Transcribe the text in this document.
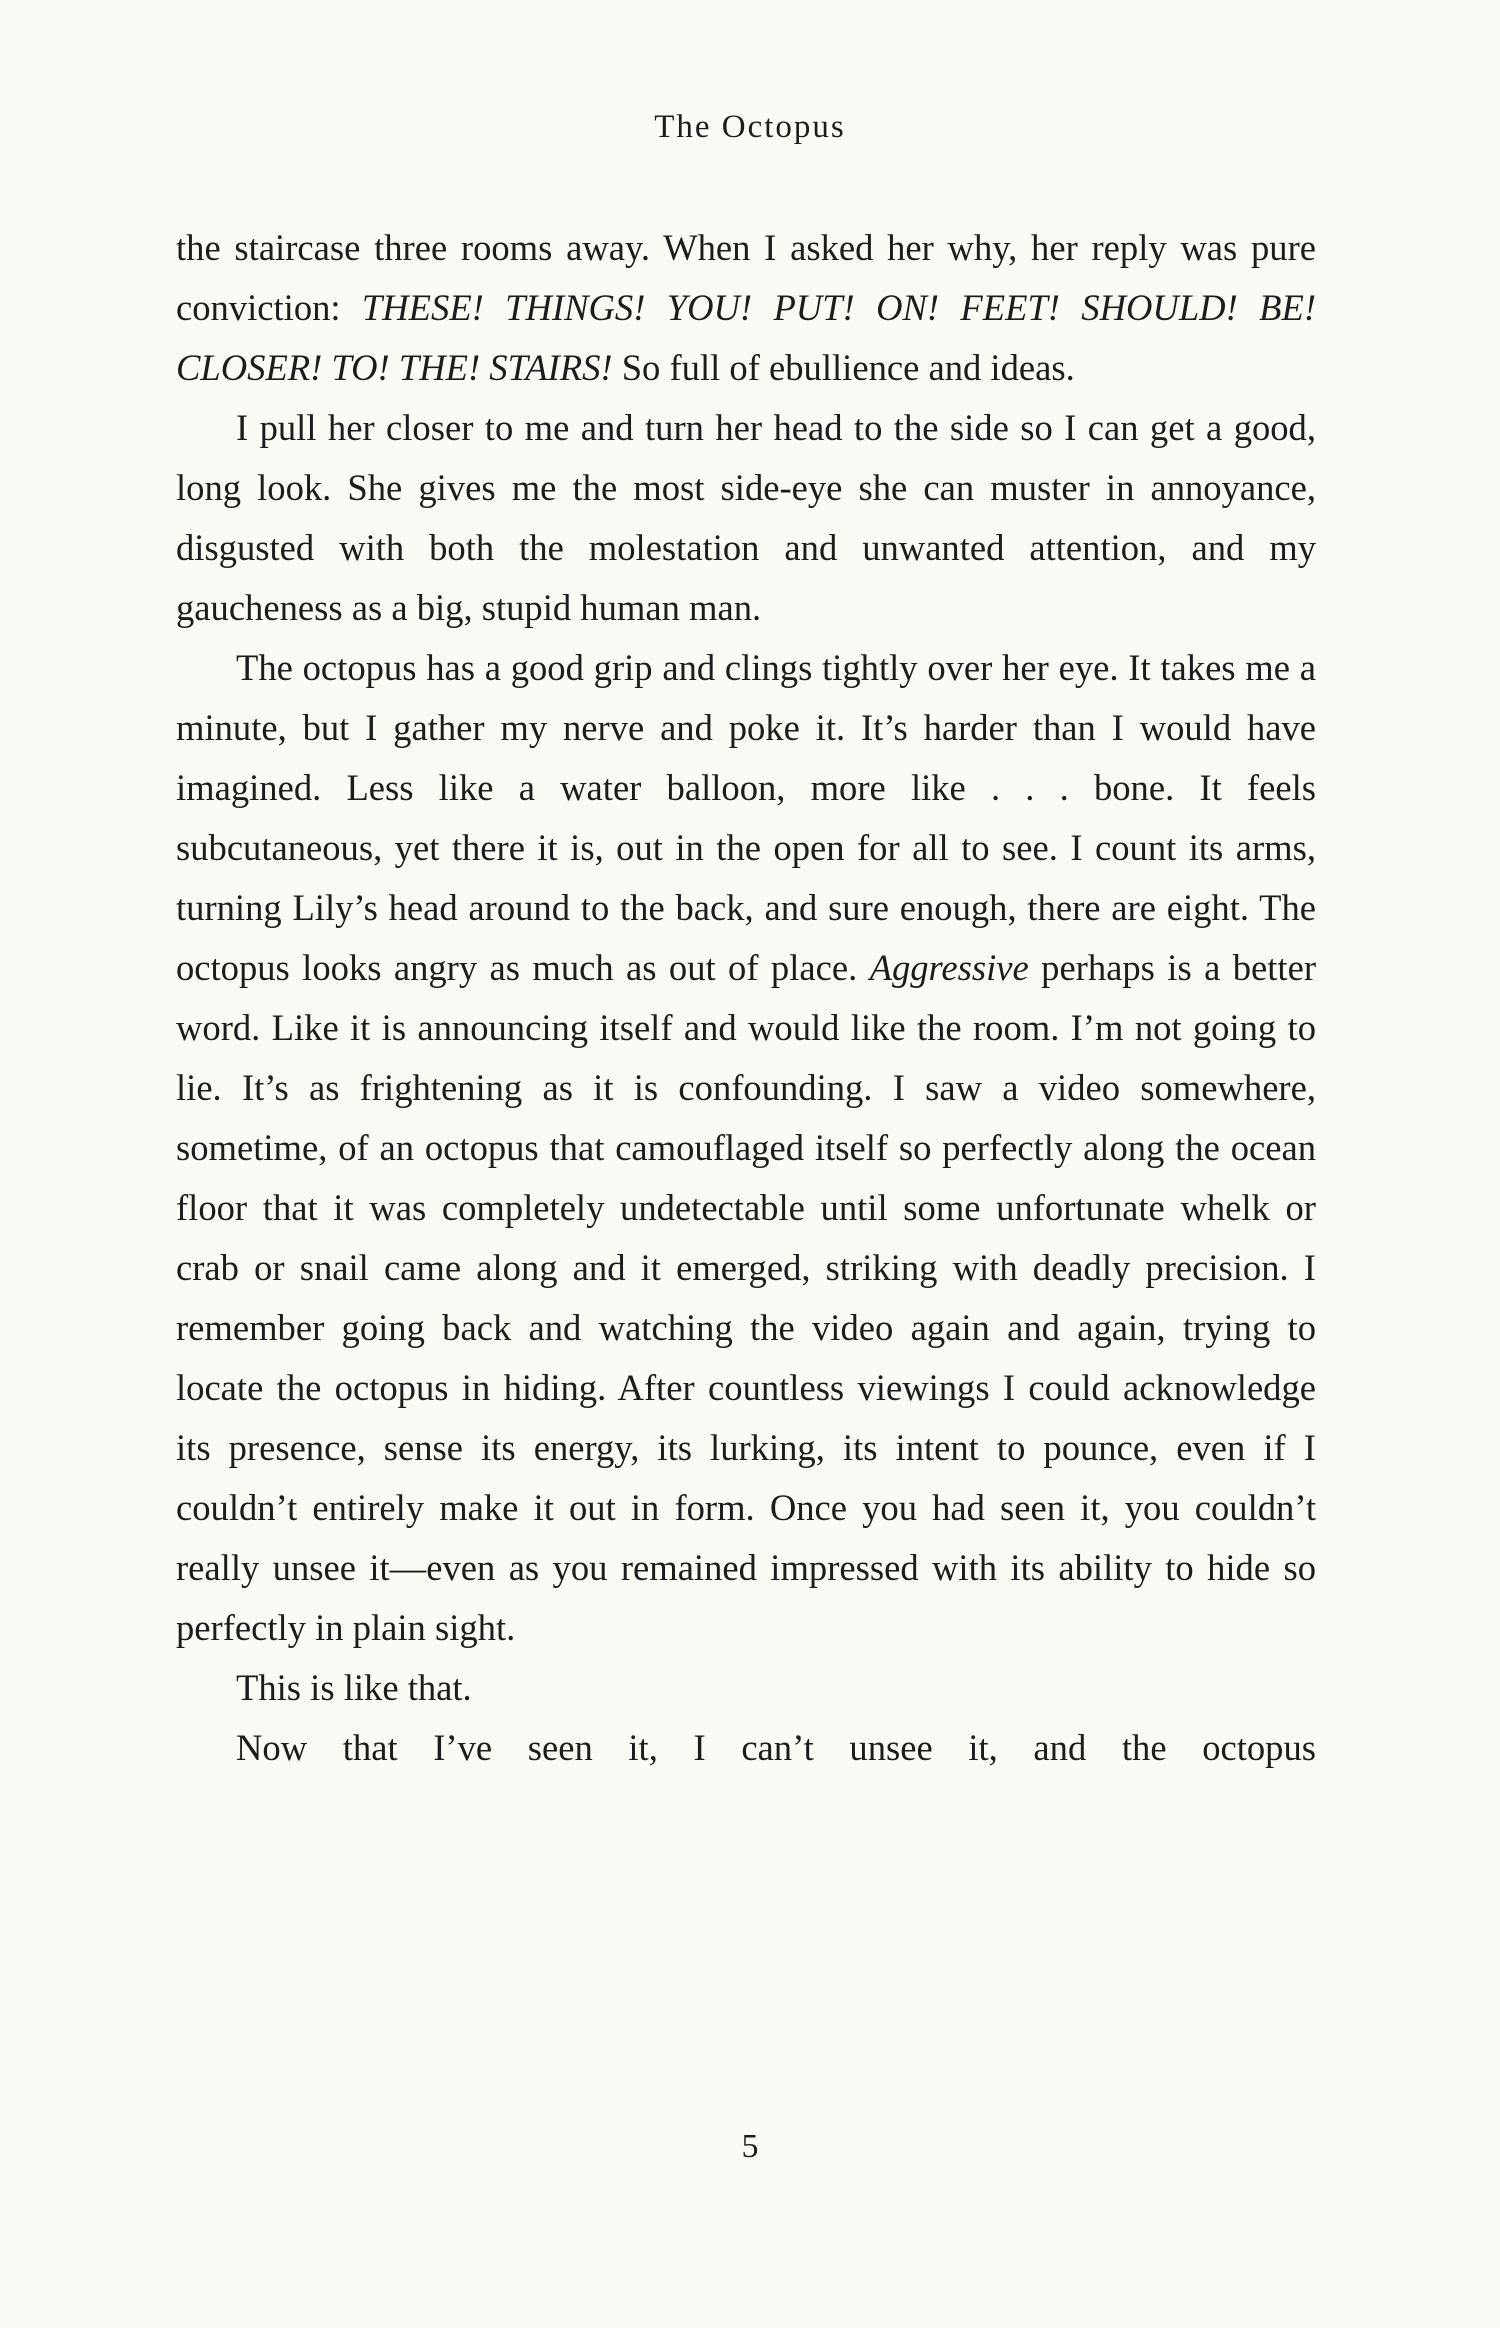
The Octopus

the staircase three rooms away. When I asked her why, her reply was pure conviction: THESE! THINGS! YOU! PUT! ON! FEET! SHOULD! BE! CLOSER! TO! THE! STAIRS! So full of ebullience and ideas.

I pull her closer to me and turn her head to the side so I can get a good, long look. She gives me the most side-eye she can muster in annoyance, disgusted with both the molestation and unwanted attention, and my gaucheness as a big, stupid human man.

The octopus has a good grip and clings tightly over her eye. It takes me a minute, but I gather my nerve and poke it. It’s harder than I would have imagined. Less like a water balloon, more like . . . bone. It feels subcutaneous, yet there it is, out in the open for all to see. I count its arms, turning Lily’s head around to the back, and sure enough, there are eight. The octopus looks angry as much as out of place. Aggressive perhaps is a better word. Like it is announcing itself and would like the room. I’m not going to lie. It’s as frightening as it is confounding. I saw a video somewhere, sometime, of an octopus that camouflaged itself so perfectly along the ocean floor that it was completely undetectable until some unfortunate whelk or crab or snail came along and it emerged, striking with deadly precision. I remember going back and watching the video again and again, trying to locate the octopus in hiding. After countless viewings I could acknowledge its presence, sense its energy, its lurking, its intent to pounce, even if I couldn’t entirely make it out in form. Once you had seen it, you couldn’t really unsee it—even as you remained impressed with its ability to hide so perfectly in plain sight.

This is like that.

Now that I’ve seen it, I can’t unsee it, and the octopus

5
